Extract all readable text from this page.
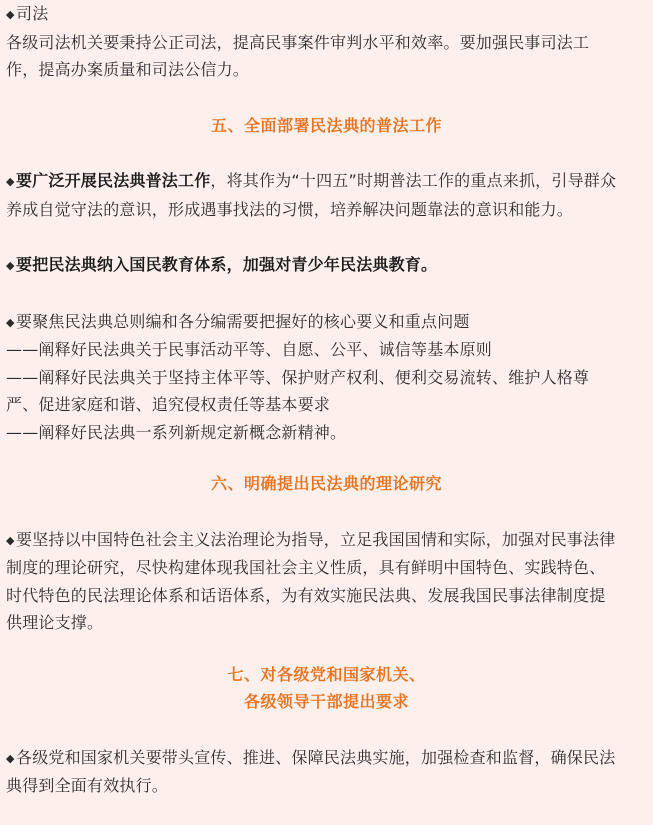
◆司法
各级司法机关要秉持公正司法，提高民事案件审判水平和效率。要加强民事司法工
作，提高办案质量和司法公信力。
五、全面部署民法典的普法工作
◆要广泛开展民法典普法工作，将其作为“十四五”时期普法工作的重点来抓，引导群众
养成自觉守法的意识，形成遇事找法的习惯，培养解决问题靠法的意识和能力。
◆要把民法典纳入国民教育体系，加强对青少年民法典教育。
◆要聚焦民法典总则编和各分编需要把握好的核心要义和重点问题
——阐释好民法典关于民事活动平等、自愿、公平、诚信等基本原则
——阐释好民法典关于坚持主体平等、保护财产权利、便利交易流转、维护人格尊
严、促进家庭和谐、追究侵权责任等基本要求
——阐释好民法典一系列新规定新概念新精神。
六、明确提出民法典的理论研究
◆要坚持以中国特色社会主义法治理论为指导，立足我国国情和实际，加强对民事法律
制度的理论研究，尽快构建体现我国社会主义性质，具有鲜明中国特色、实践特色、
时代特色的民法理论体系和话语体系，为有效实施民法典、发展我国民事法律制度提
供理论支撑。
七、对各级党和国家机关、
各级领导干部提出要求
◆各级党和国家机关要带头宣传、推进、保障民法典实施，加强检查和监督，确保民法
典得到全面有效执行。
